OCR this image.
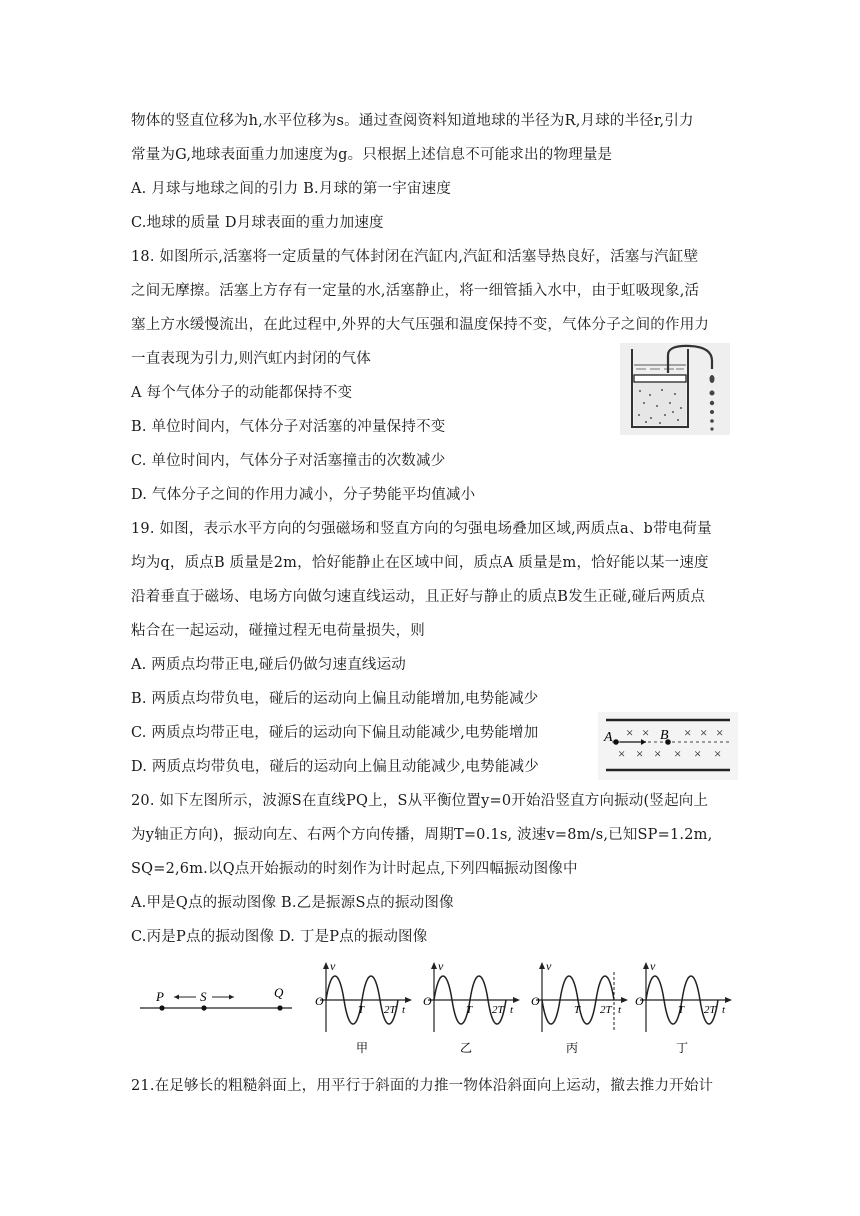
物体的竖直位移为h,水平位移为s。通过查阅资料知道地球的半径为R,月球的半径r,引力
常量为G,地球表面重力加速度为g。只根据上述信息不可能求出的物理量是
A. 月球与地球之间的引力 B.月球的第一宇宙速度
C.地球的质量 D月球表面的重力加速度
18. 如图所示,活塞将一定质量的气体封闭在汽缸内,汽缸和活塞导热良好，活塞与汽缸壁
之间无摩擦。活塞上方存有一定量的水,活塞静止，将一细管插入水中，由于虹吸现象,活
塞上方水缓慢流出，在此过程中,外界的大气压强和温度保持不变，气体分子之间的作用力
一直表现为引力,则汽虹内封闭的气体
A 每个气体分子的动能都保持不变
B. 单位时间内，气体分子对活塞的冲量保持不变
C. 单位时间内，气体分子对活塞撞击的次数减少
D. 气体分子之间的作用力减小，分子势能平均值减小
19. 如图，表示水平方向的匀强磁场和竖直方向的匀强电场叠加区域,两质点a、b带电荷量
均为q，质点B 质量是2m，恰好能静止在区域中间，质点A 质量是m，恰好能以某一速度
沿着垂直于磁场、电场方向做匀速直线运动，且正好与静止的质点B发生正碰,碰后两质点
粘合在一起运动，碰撞过程无电荷量损失，则
A. 两质点均带正电,碰后仍做匀速直线运动
B. 两质点均带负电，碰后的运动向上偏且动能增加,电势能减少
C. 两质点均带正电，碰后的运动向下偏且动能减少,电势能增加
D. 两质点均带负电，碰后的运动向上偏且动能减少,电势能减少
20. 如下左图所示，波源S在直线PQ上，S从平衡位置y=0开始沿竖直方向振动(竖起向上
为y轴正方向)，振动向左、右两个方向传播，周期T=0.1s, 波速v=8m/s,已知SP=1.2m,
SQ=2,6m.以Q点开始振动的时刻作为计时起点,下列四幅振动图像中
A.甲是Q点的振动图像 B.乙是振源S点的振动图像
C.丙是P点的振动图像 D. 丁是P点的振动图像
21.在足够长的粗糙斜面上，用平行于斜面的力推一物体沿斜面向上运动，撤去推力开始计
A	B
× ×	× × ×
× × × × × ×
P	S	Q
v
O
T 2T t
甲
v
O
T 2T t
乙
v
O
T 2T t
丙
v
O
T 2T t
丁
